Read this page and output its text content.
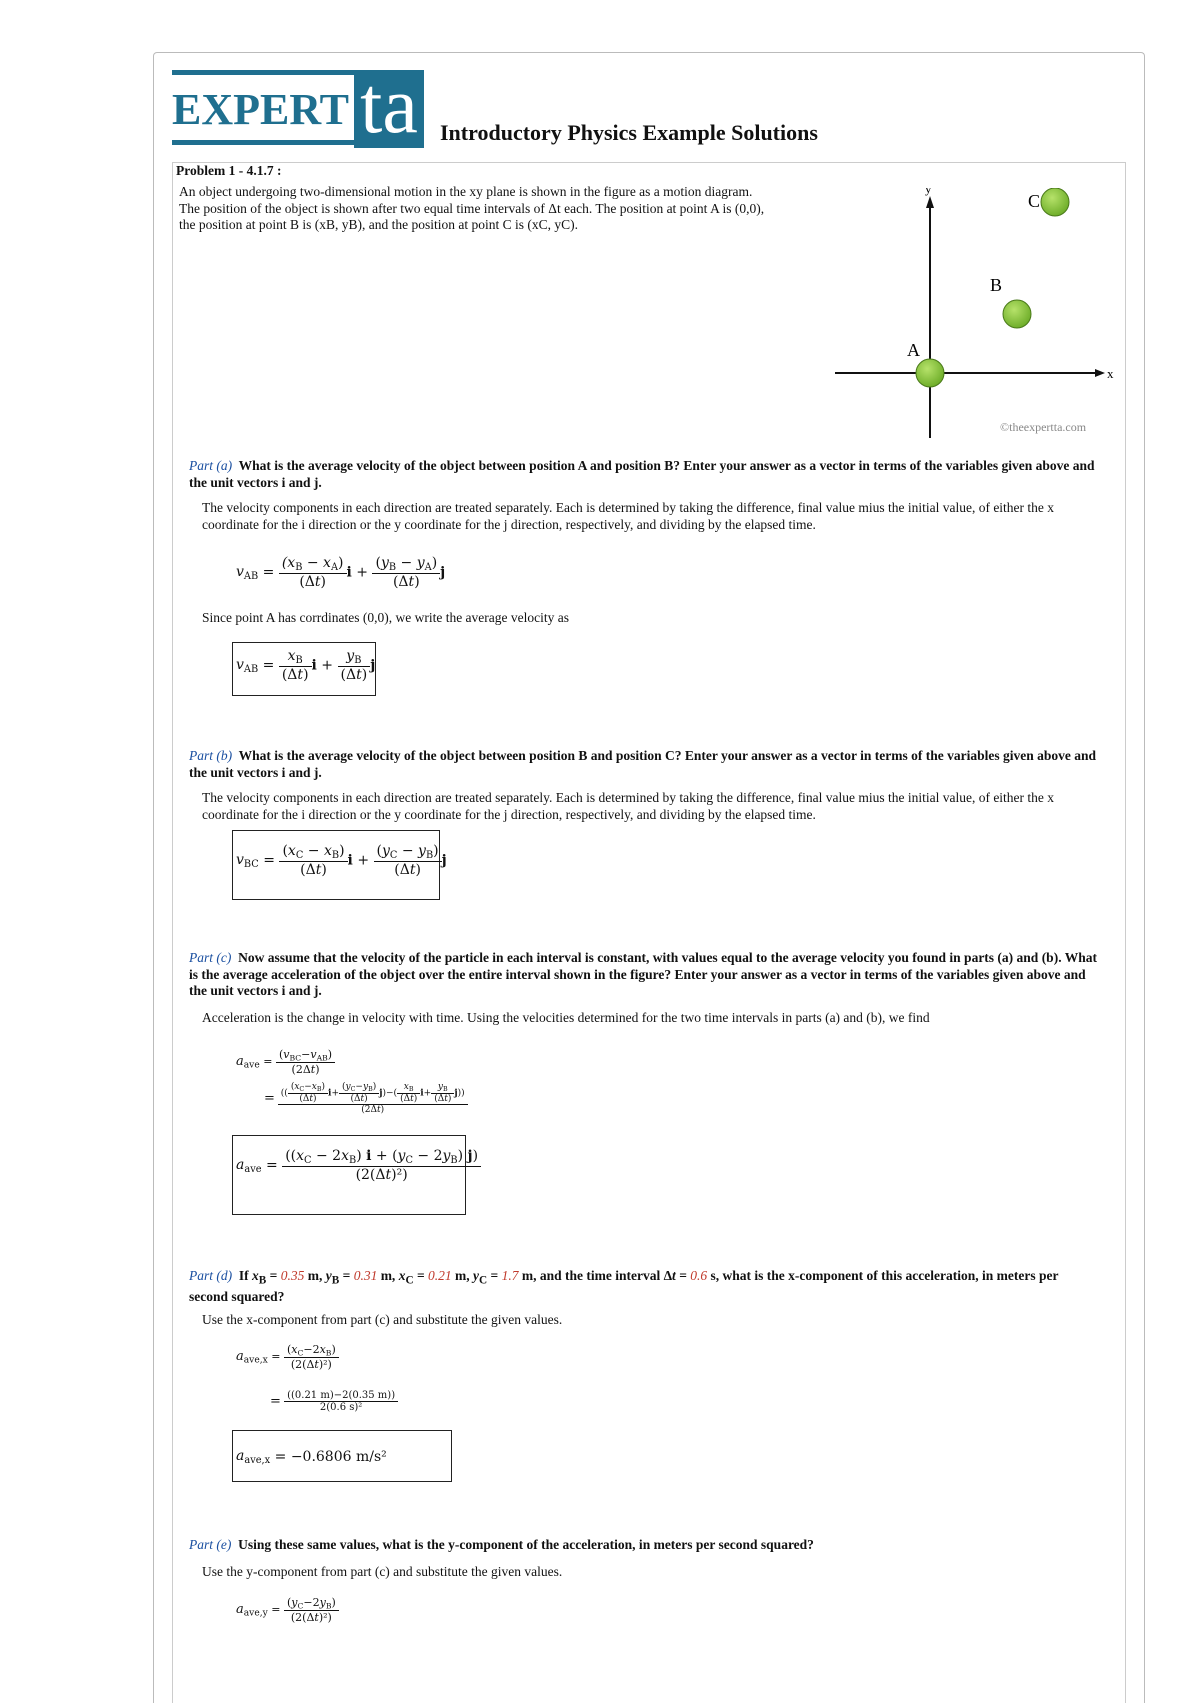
EXPERT ta Introductory Physics Example Solutions
Problem 1 - 4.1.7 :
An object undergoing two-dimensional motion in the xy plane is shown in the figure as a motion diagram.
The position of the object is shown after two equal time intervals of Δt each. The position at point A is (0,0),
the position at point B is (xB, yB), and the position at point C is (xC, yC).
x
y
A
B
C
©theexpertta.com
Part (a) What is the average velocity of the object between position A and position B? Enter your answer as a vector in terms of the variables given above and the unit vectors i and j.
The velocity components in each direction are treated separately. Each is determined by taking the difference, final value mius the initial value, of either the x coordinate for the i direction or the y coordinate for the j direction, respectively, and dividing by the elapsed time.
$v_{AB} = \frac{(x_B - x_A)}{(\Delta t)}$ $i + \frac{(y_B - y_A)}{(\Delta t)}$ j
Since point A has corrdinates (0,0), we write the average velocity as
$v_{AB} = \frac{x_B}{(\Delta t)}$ $i + \frac{y_B}{(\Delta t)}$ j
Part (b) What is the average velocity of the object between position B and position C? Enter your answer as a vector in terms of the variables given above and the unit vectors i and j.
The velocity components in each direction are treated separately. Each is determined by taking the difference, final value mius the initial value, of either the x coordinate for the i direction or the y coordinate for the j direction, respectively, and dividing by the elapsed time.
$v_{BC} = \frac{(x_C - x_B)}{(\Delta t)}$ $i + \frac{(y_C - y_B)}{(\Delta t)}$ j
Part (c) Now assume that the velocity of the particle in each interval is constant, with values equal to the average velocity you found in parts (a) and (b). What is the average acceleration of the object over the entire interval shown in the figure? Enter your answer as a vector in terms of the variables given above and the unit vectors i and j.
Acceleration is the change in velocity with time. Using the velocities determined for the two time intervals in parts (a) and (b), we find
$a_{ave} = \frac{(v_{BC}-v_{AB})}{(2\Delta t)}$
= $\frac{(( \frac{(x_C-x_B)}{(\Delta t)} i+ \frac{(y_C-y_B)}{(\Delta t)} j)-( \frac{x_B}{(\Delta t)} i+ \frac{y_B}{(\Delta t)} j))}{(2\Delta t)}$
$a_{ave} = \frac{((x_C - 2x_B) i + (y_C - 2y_B) j)}{\text{(2(Δt)²)}}$
Part (d) If $x_B = 0.35$ m, $y_B = 0.31$ m, $x_C = 0.21$ m, $y_C = 1.7$ m, and the time interval Δt = 0.6 s, what is the x-component of this acceleration, in meters per second squared?
Use the x-component from part (c) and substitute the given values.
$a_{ave,x} = \frac{(x_C-2x_B)}{\text{(2(Δt)²)}}$
= $\frac{((0.21 m)-2(0.35 m))}{\text{2(0.6 s)²}}$
$a_{ave,x} = -0.6806$ m/s²
Part (e) Using these same values, what is the y-component of the acceleration, in meters per second squared?
Use the y-component from part (c) and substitute the given values.
$a_{ave,y} = \frac{(y_C-2y_B)}{\text{(2(Δt)²)}}$
